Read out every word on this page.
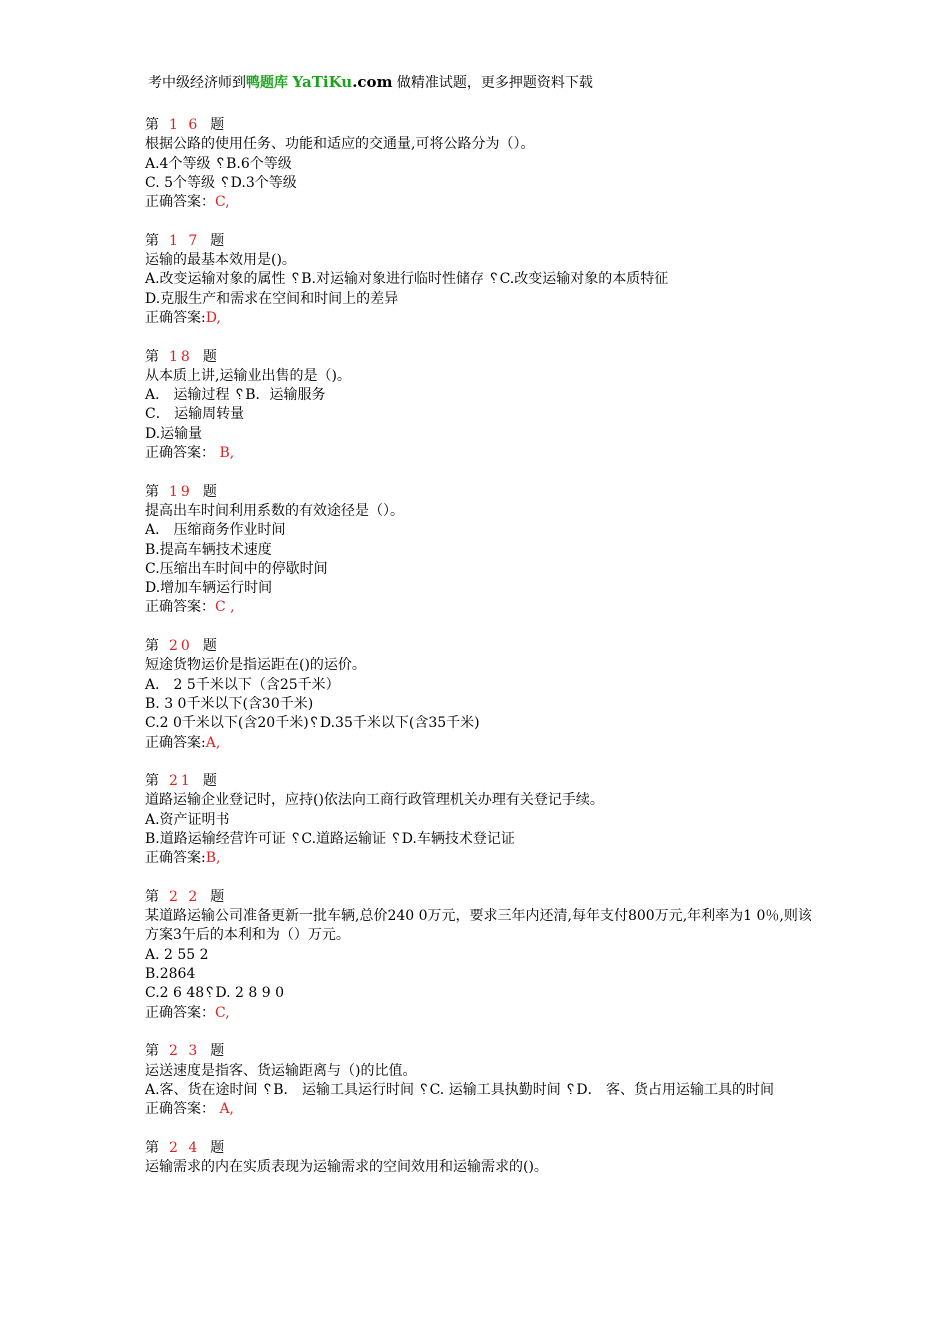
考中级经济师到鸭题库 YaTiKu.com 做精准试题，更多押题资料下载
第 1 6 题
根据公路的使用任务、功能和适应的交通量,可将公路分为（）。
A.4个等级 ␦B.6个等级
C. 5个等级 ␦D.3个等级
正确答案：C,
第 1 7 题
运输的最基本效用是()。
A.改变运输对象的属性 ␦B.对运输对象进行临时性储存 ␦C.改变运输对象的本质特征
D.克服生产和需求在空间和时间上的差异
正确答案:D,
第 18 题
从本质上讲,运输业出售的是（)。
A． 运输过程 ␦B．运输服务
C． 运输周转量
D.运输量
正确答案： B,
第 19 题
提高出车时间利用系数的有效途径是（）。
A． 压缩商务作业时间
B.提高车辆技术速度
C.压缩出车时间中的停歇时间
D.增加车辆运行时间
正确答案：C ,
第 20 题
短途货物运价是指运距在()的运价。
A． 2 5千米以下（含25千米）
B. 3 0千米以下(含30千米)
C.2 0千米以下(含20千米)␦D.35千米以下(含35千米)
正确答案:A,
第 21 题
道路运输企业登记时，应持()依法向工商行政管理机关办理有关登记手续。
A.资产证明书
B.道路运输经营许可证 ␦C.道路运输证 ␦D.车辆技术登记证
正确答案:B,
第 2 2 题
某道路运输公司准备更新一批车辆,总价240 0万元，要求三年内还清,每年支付800万元,年利率为1 0％,则该方案3午后的本利和为（）万元。
A. 2 55 2
B.2864
C.2 6 48␦D. 2 8 9 0
正确答案：C,
第 2 3 题
运送速度是指客、货运输距离与（)的比值。
A.客、货在途时间 ␦B． 运输工具运行时间 ␦C. 运输工具执勤时间 ␦D． 客、货占用运输工具的时间
正确答案： A,
第 2 4 题
运输需求的内在实质表现为运输需求的空间效用和运输需求的()。
